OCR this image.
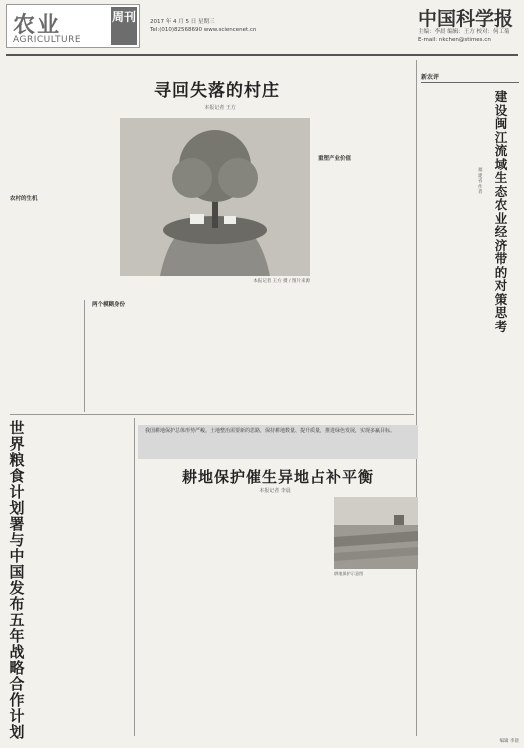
农业
AGRICULTURE
周刊	2017 年 4 月 5 日 星期三
Tel:(010)82568690 www.sciencenet.cn	中国科学报
主编：李晨 编辑：王方 校对：何工菊
E-mail: nkchen@stimes.cn
寻回失落的村庄
本报记者 王方
本报记者 王方 摄 / 图片来源
农村的生机
两个模糊身份
重塑产业价值
世界粮食计划署与中国发布五年战略合作计划
新农评
建设闽江流域生态农业经济带的对策思考
福建省 作者
我国耕地保护总体形势严峻。土地整治需要新的思路，保持耕地数量、提升质量，推进绿色发展，实现多赢目标。
耕地保护催生异地占补平衡
本报记者 李晨
耕地保护示意图
编辑 李晨
